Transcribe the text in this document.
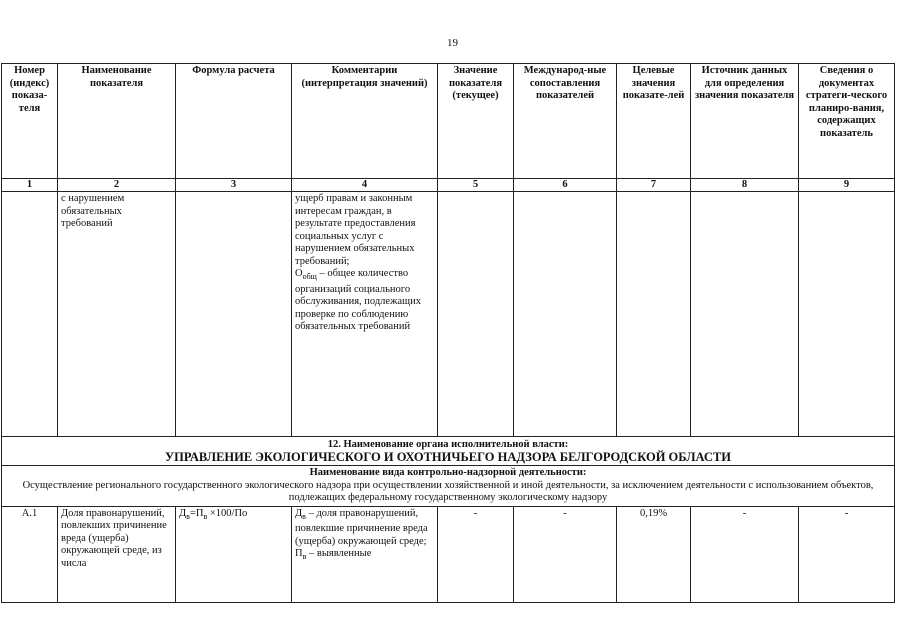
19
Номер (индекс) показа-теля	Наименование показателя	Формула расчета	Комментарии (интерпретация значений)	Значение показателя (текущее)	Международ-ные сопоставления показателей	Целевые значения показате-лей	Источник данных для определения значения показателя	Сведения о документах стратеги-ческого планиро-вания, содержащих показатель
1	2	3	4	5	6	7	8	9
	с нарушением обязательных требований		ущерб правам и законным интересам граждан, в результате предоставления социальных услуг с нарушением обязательных требований;
$О_{общ}$ – общее количество организаций социального обслуживания, подлежащих проверке по соблюдению обязательных требований					

12. Наименование органа исполнительной власти:
УПРАВЛЕНИЕ ЭКОЛОГИЧЕСКОГО И ОХОТНИЧЬЕГО НАДЗОРА БЕЛГОРОДСКОЙ ОБЛАСТИ								

Наименование вида контрольно-надзорной деятельности:
Осуществление регионального государственного экологического надзора при осуществлении хозяйственной и иной деятельности, за исключением деятельности с использованием объектов, подлежащих федеральному государственному экологическому надзору								

А.1	Доля правонарушений, повлекших причинение вреда (ущерба) окружающей среде, из числа	$Д_в=П_в \times 100/По$	$Д_в$ – доля правонарушений, повлекшие причинение вреда (ущерба) окружающей среде;
$П_в$ – выявленные	-	-	0,19%	-	-
